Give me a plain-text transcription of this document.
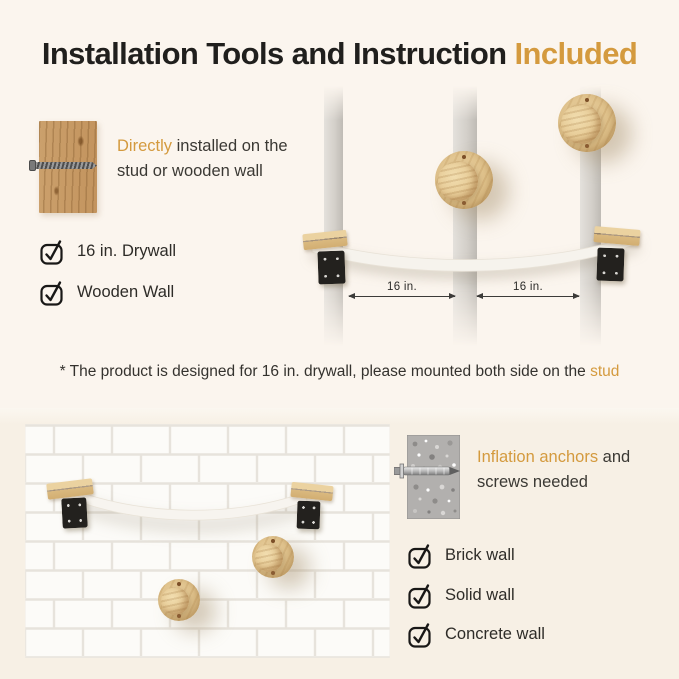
Installation Tools and Instruction Included
Directly installed on the stud or wooden wall
16 in. Drywall
Wooden Wall	16 in.	16 in.
* The product is designed for 16 in. drywall, please mounted both side on the stud
Inflation anchors and screws needed
Brick wall
Solid wall
Concrete wall
